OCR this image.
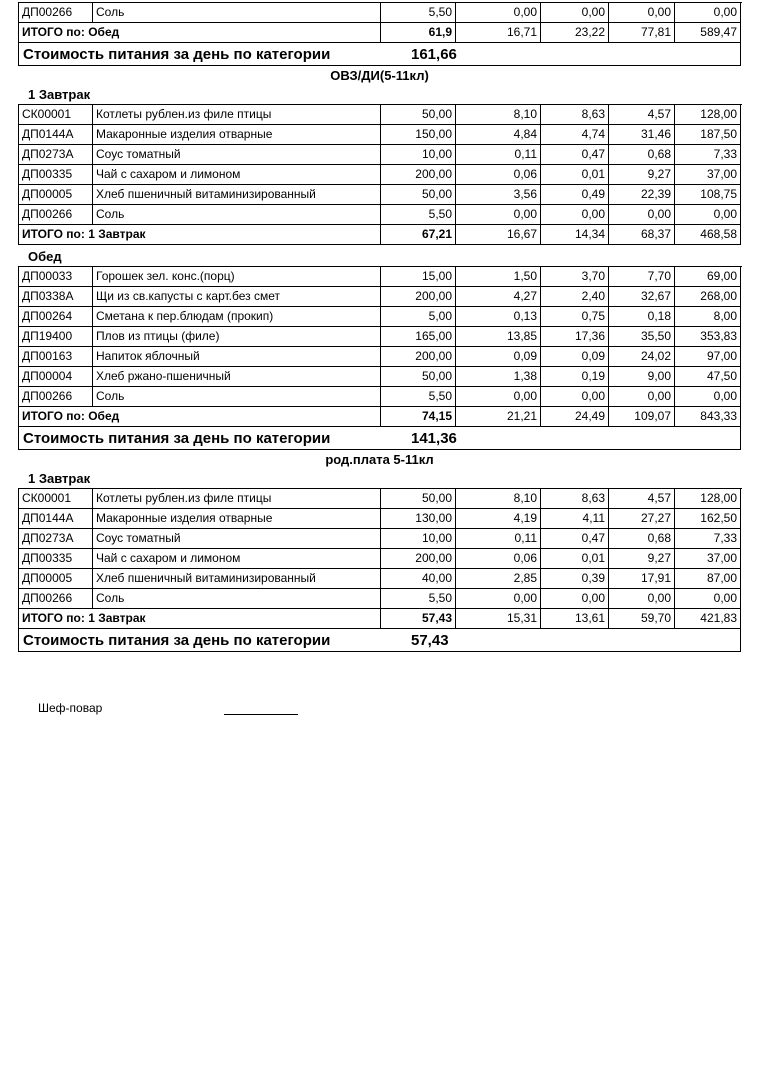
ДП00266	Соль	5,50	0,00	0,00	0,00	0,00
ИТОГО по: Обед	61,9	16,71	23,22	77,81	589,47
Стоимость питания за день по категории	161,66
ОВЗ/ДИ(5-11кл)
1 Завтрак
СК00001	Котлеты рублен.из филе птицы	50,00	8,10	8,63	4,57	128,00
ДП0144А	Макаронные изделия отварные	150,00	4,84	4,74	31,46	187,50
ДП0273А	Соус томатный	10,00	0,11	0,47	0,68	7,33
ДП00335	Чай с сахаром и лимоном	200,00	0,06	0,01	9,27	37,00
ДП00005	Хлеб пшеничный витаминизированный	50,00	3,56	0,49	22,39	108,75
ДП00266	Соль	5,50	0,00	0,00	0,00	0,00
ИТОГО по: 1 Завтрак	67,21	16,67	14,34	68,37	468,58
Обед
ДП00033	Горошек зел. конс.(порц)	15,00	1,50	3,70	7,70	69,00
ДП0338А	Щи из св.капусты с карт.без смет	200,00	4,27	2,40	32,67	268,00
ДП00264	Сметана к пер.блюдам (прокип)	5,00	0,13	0,75	0,18	8,00
ДП19400	Плов из птицы (филе)	165,00	13,85	17,36	35,50	353,83
ДП00163	Напиток яблочный	200,00	0,09	0,09	24,02	97,00
ДП00004	Хлеб ржано-пшеничный	50,00	1,38	0,19	9,00	47,50
ДП00266	Соль	5,50	0,00	0,00	0,00	0,00
ИТОГО по: Обед	74,15	21,21	24,49	109,07	843,33
Стоимость питания за день по категории	141,36
род.плата 5-11кл
1 Завтрак
СК00001	Котлеты рублен.из филе птицы	50,00	8,10	8,63	4,57	128,00
ДП0144А	Макаронные изделия отварные	130,00	4,19	4,11	27,27	162,50
ДП0273А	Соус томатный	10,00	0,11	0,47	0,68	7,33
ДП00335	Чай с сахаром и лимоном	200,00	0,06	0,01	9,27	37,00
ДП00005	Хлеб пшеничный витаминизированный	40,00	2,85	0,39	17,91	87,00
ДП00266	Соль	5,50	0,00	0,00	0,00	0,00
ИТОГО по: 1 Завтрак	57,43	15,31	13,61	59,70	421,83
Стоимость питания за день по категории	57,43
Шеф-повар
